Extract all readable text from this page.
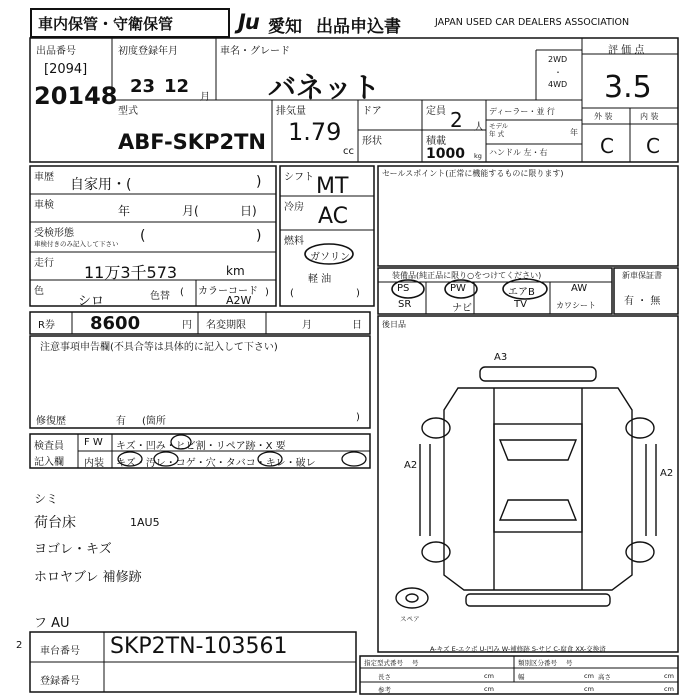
車内保管・守衛保管	Ju 愛知 出品申込書	JAPAN USED CAR DEALERS ASSOCIATION
出品番号
[2094]
20148
初度登録年月
23 12
月
車名・グレード
バネット
2WD
・
4WD
評 価 点
3.5
外 装	内 装
C C
型式
ABF-SKP2TN
排気量
1.79
cc
ドア
形状
定員 2 人
積載
1000 kg
ディーラー・並 行
モデル
年 式	年
ハンドル 左・右
車歴 自家用・(	)
車検	年	月(	日)
受検形態
車検付きのみ記入して下さい (	)
走行 11万3千573	km
色
シロ	色替 ( カラーコード )
A2W
シフト MT
冷房 AC
燃料
ガソリン
軽 油
(	)
セールスポイント(正常に機能するものに限ります)
装備品(純正品に限り○をつけてください)
PS	PW	エアB	AW
SR	ナビ	TV	カワシート
新車保証書
有 ・ 無
R券 8600	円 名変期限	月	日	後日品
注意事項申告欄(不具合等は具体的に記入して下さい)
修復歴	有 (箇所	)
検査員
記入欄
F W キズ・凹み・ヒビ割・リペア跡・X 要
内装 キズ・汚レ・コゲ・穴・タバコ・キレ・破レ
シミ
荷台床	1AU5
ヨゴレ・キズ
ホロヤブレ 補修跡
フ AU
A3
A2
A2
スペア
A-キズ E-エクボ U-凹み W-補修跡 S-サビ C-腐食 XX-交換済
2
車台番号 SKP2TN-103561
登録番号
指定型式番号 号	類別区分番号 号
長さ	cm	幅	cm 高さ	cm
参考	cm	cm	cm
